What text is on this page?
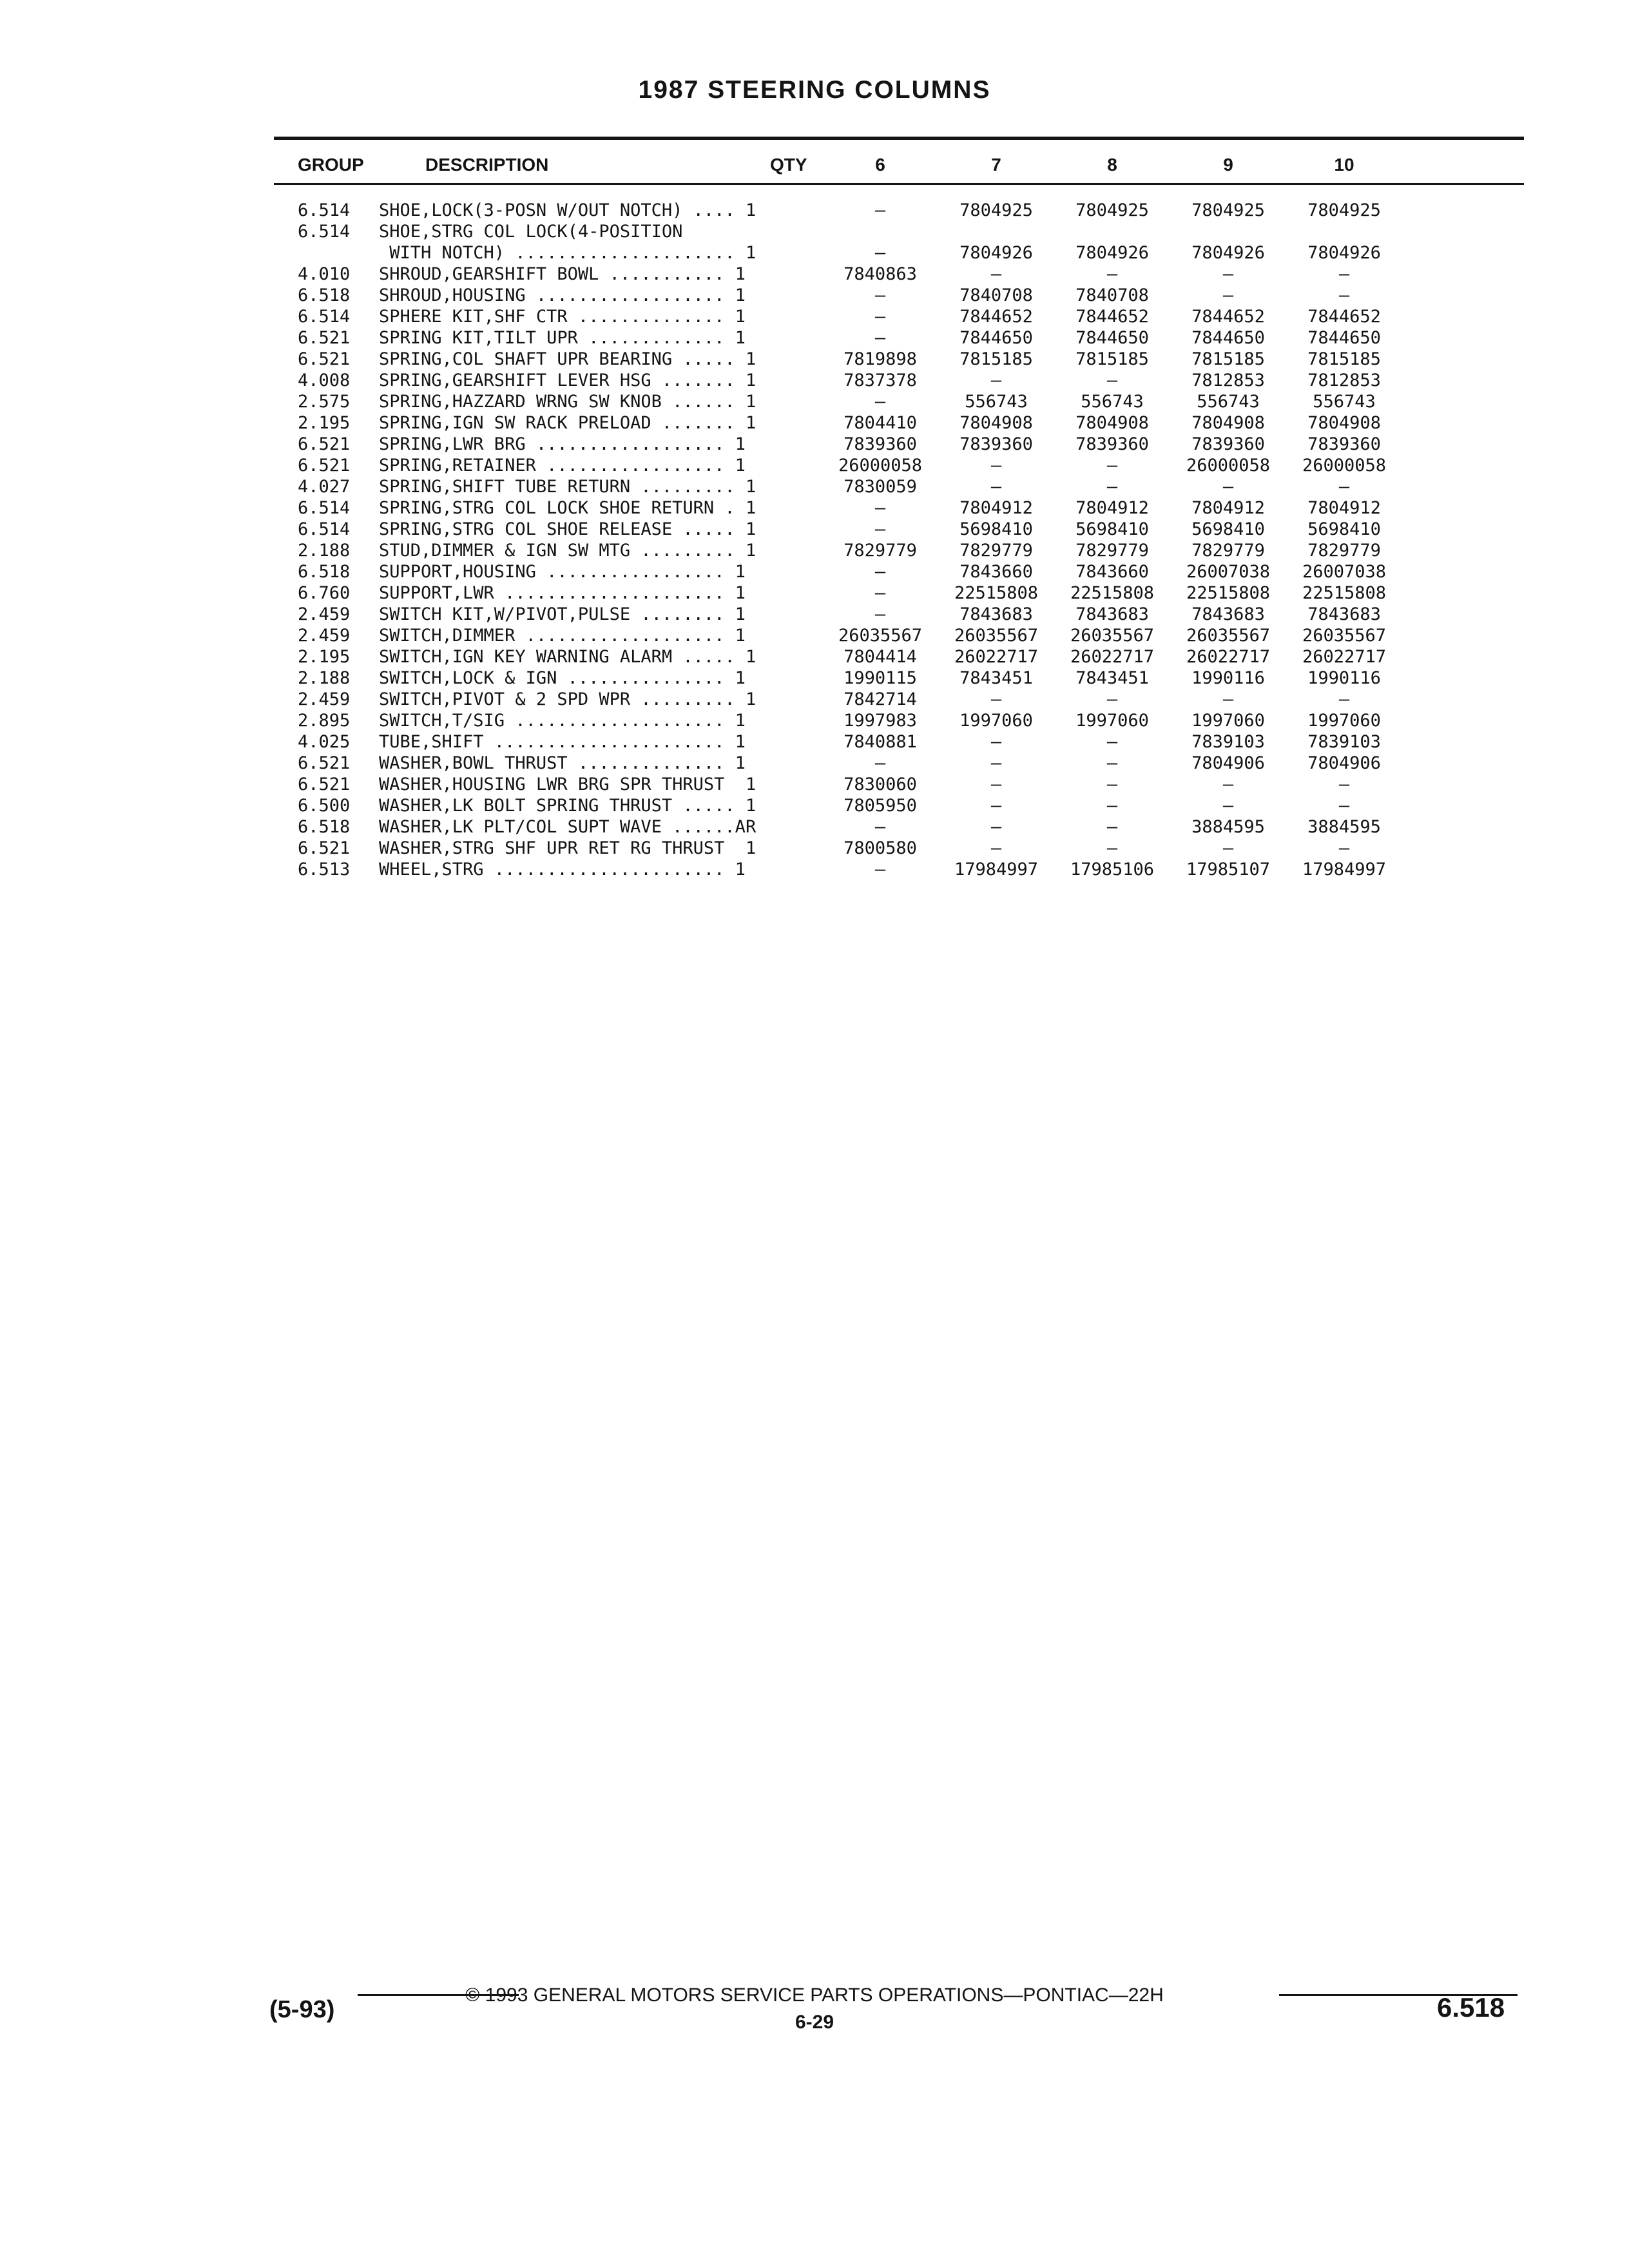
1987 STEERING COLUMNS
GROUP	DESCRIPTION	QTY	6	7	8	9	10
6.514 SHOE,LOCK(3-POSN W/OUT NOTCH) .... 1	—	7804925	7804925	7804925	7804925
6.514 SHOE,STRG COL LOCK(4-POSITION
WITH NOTCH) ..................... 1	—	7804926	7804926	7804926	7804926
4.010 SHROUD,GEARSHIFT BOWL ........... 1	7840863	—	—	—	—
6.518 SHROUD,HOUSING .................. 1	—	7840708	7840708	—	—
6.514 SPHERE KIT,SHF CTR .............. 1	—	7844652	7844652	7844652	7844652
6.521 SPRING KIT,TILT UPR ............. 1	—	7844650	7844650	7844650	7844650
6.521 SPRING,COL SHAFT UPR BEARING ..... 1	7819898	7815185	7815185	7815185	7815185
4.008 SPRING,GEARSHIFT LEVER HSG ....... 1	7837378	—	—	7812853	7812853
2.575 SPRING,HAZZARD WRNG SW KNOB ...... 1	—	556743	556743	556743	556743
2.195 SPRING,IGN SW RACK PRELOAD ....... 1	7804410	7804908	7804908	7804908	7804908
6.521 SPRING,LWR BRG .................. 1	7839360	7839360	7839360	7839360	7839360
6.521 SPRING,RETAINER ................. 1	26000058	—	—	26000058	26000058
4.027 SPRING,SHIFT TUBE RETURN ......... 1	7830059	—	—	—	—
6.514 SPRING,STRG COL LOCK SHOE RETURN . 1	—	7804912	7804912	7804912	7804912
6.514 SPRING,STRG COL SHOE RELEASE ..... 1	—	5698410	5698410	5698410	5698410
2.188 STUD,DIMMER & IGN SW MTG ......... 1	7829779	7829779	7829779	7829779	7829779
6.518 SUPPORT,HOUSING ................. 1	—	7843660	7843660	26007038	26007038
6.760 SUPPORT,LWR ..................... 1	—	22515808	22515808	22515808	22515808
2.459 SWITCH KIT,W/PIVOT,PULSE ........ 1	—	7843683	7843683	7843683	7843683
2.459 SWITCH,DIMMER ................... 1	26035567	26035567	26035567	26035567	26035567
2.195 SWITCH,IGN KEY WARNING ALARM ..... 1	7804414	26022717	26022717	26022717	26022717
2.188 SWITCH,LOCK & IGN ............... 1	1990115	7843451	7843451	1990116	1990116
2.459 SWITCH,PIVOT & 2 SPD WPR ......... 1	7842714	—	—	—	—
2.895 SWITCH,T/SIG .................... 1	1997983	1997060	1997060	1997060	1997060
4.025 TUBE,SHIFT ...................... 1	7840881	—	—	7839103	7839103
6.521 WASHER,BOWL THRUST .............. 1	—	—	—	7804906	7804906
6.521 WASHER,HOUSING LWR BRG SPR THRUST  1	7830060	—	—	—	—
6.500 WASHER,LK BOLT SPRING THRUST ..... 1	7805950	—	—	—	—
6.518 WASHER,LK PLT/COL SUPT WAVE ......AR	—	—	—	3884595	3884595
6.521 WASHER,STRG SHF UPR RET RG THRUST  1	7800580	—	—	—	—
6.513 WHEEL,STRG ...................... 1	—	17984997	17985106	17985107	17984997
© 1993 GENERAL MOTORS SERVICE PARTS OPERATIONS—PONTIAC—22H
6-29
(5-93)	6.518
